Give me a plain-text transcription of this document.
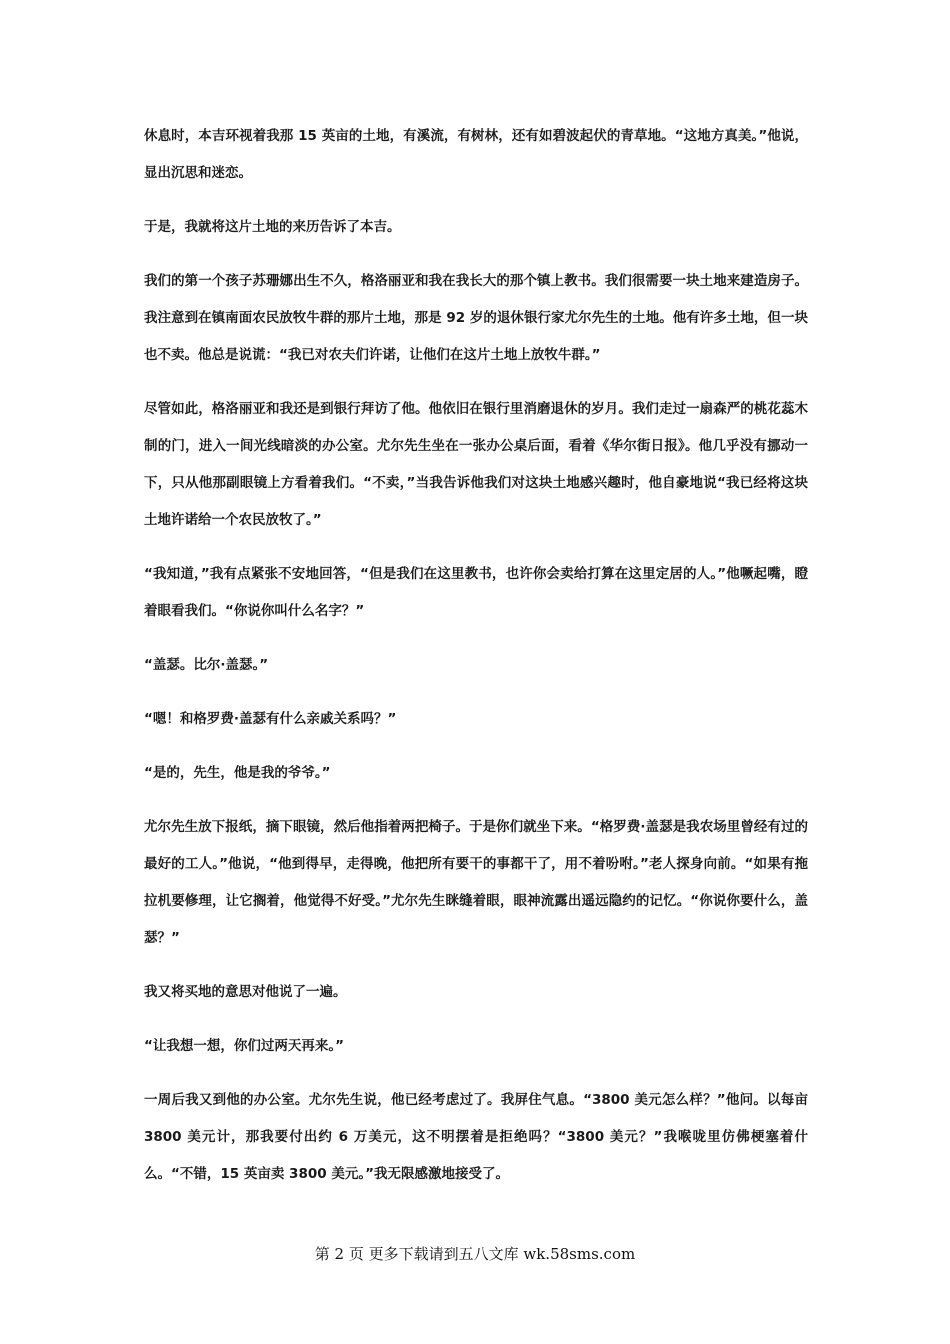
休息时，本吉环视着我那 15 英亩的土地，有溪流，有树林，还有如碧波起伏的青草地。“这地方真美。”他说，显出沉思和迷恋。

于是，我就将这片土地的来历告诉了本吉。

我们的第一个孩子苏珊娜出生不久，格洛丽亚和我在我长大的那个镇上教书。我们很需要一块土地来建造房子。我注意到在镇南面农民放牧牛群的那片土地，那是 92 岁的退休银行家尤尔先生的土地。他有许多土地，但一块也不卖。他总是说谎：“我已对农夫们许诺，让他们在这片土地上放牧牛群。”

尽管如此，格洛丽亚和我还是到银行拜访了他。他依旧在银行里消磨退休的岁月。我们走过一扇森严的桃花蕊木制的门，进入一间光线暗淡的办公室。尤尔先生坐在一张办公桌后面，看着《华尔街日报》。他几乎没有挪动一下，只从他那副眼镜上方看着我们。“不卖，”当我告诉他我们对这块土地感兴趣时，他自豪地说“我已经将这块土地许诺给一个农民放牧了。”

“我知道，”我有点紧张不安地回答，“但是我们在这里教书，也许你会卖给打算在这里定居的人。”他噘起嘴，瞪着眼看我们。“你说你叫什么名字？”

“盖瑟。比尔·盖瑟。”

“嗯！和格罗费·盖瑟有什么亲戚关系吗？”

“是的，先生，他是我的爷爷。”

尤尔先生放下报纸，摘下眼镜，然后他指着两把椅子。于是你们就坐下来。“格罗费·盖瑟是我农场里曾经有过的最好的工人。”他说，“他到得早，走得晚，他把所有要干的事都干了，用不着吩咐。”老人探身向前。“如果有拖拉机要修理，让它搁着，他觉得不好受。”尤尔先生眯缝着眼，眼神流露出遥远隐约的记忆。“你说你要什么，盖瑟？”

我又将买地的意思对他说了一遍。

“让我想一想，你们过两天再来。”

一周后我又到他的办公室。尤尔先生说，他已经考虑过了。我屏住气息。“3800 美元怎么样？”他问。以每亩 3800 美元计，那我要付出约 6 万美元，这不明摆着是拒绝吗？“3800 美元？”我喉咙里仿佛梗塞着什么。“不错，15 英亩卖 3800 美元。”我无限感激地接受了。

第 2 页 更多下载请到五八文库 wk.58sms.com
